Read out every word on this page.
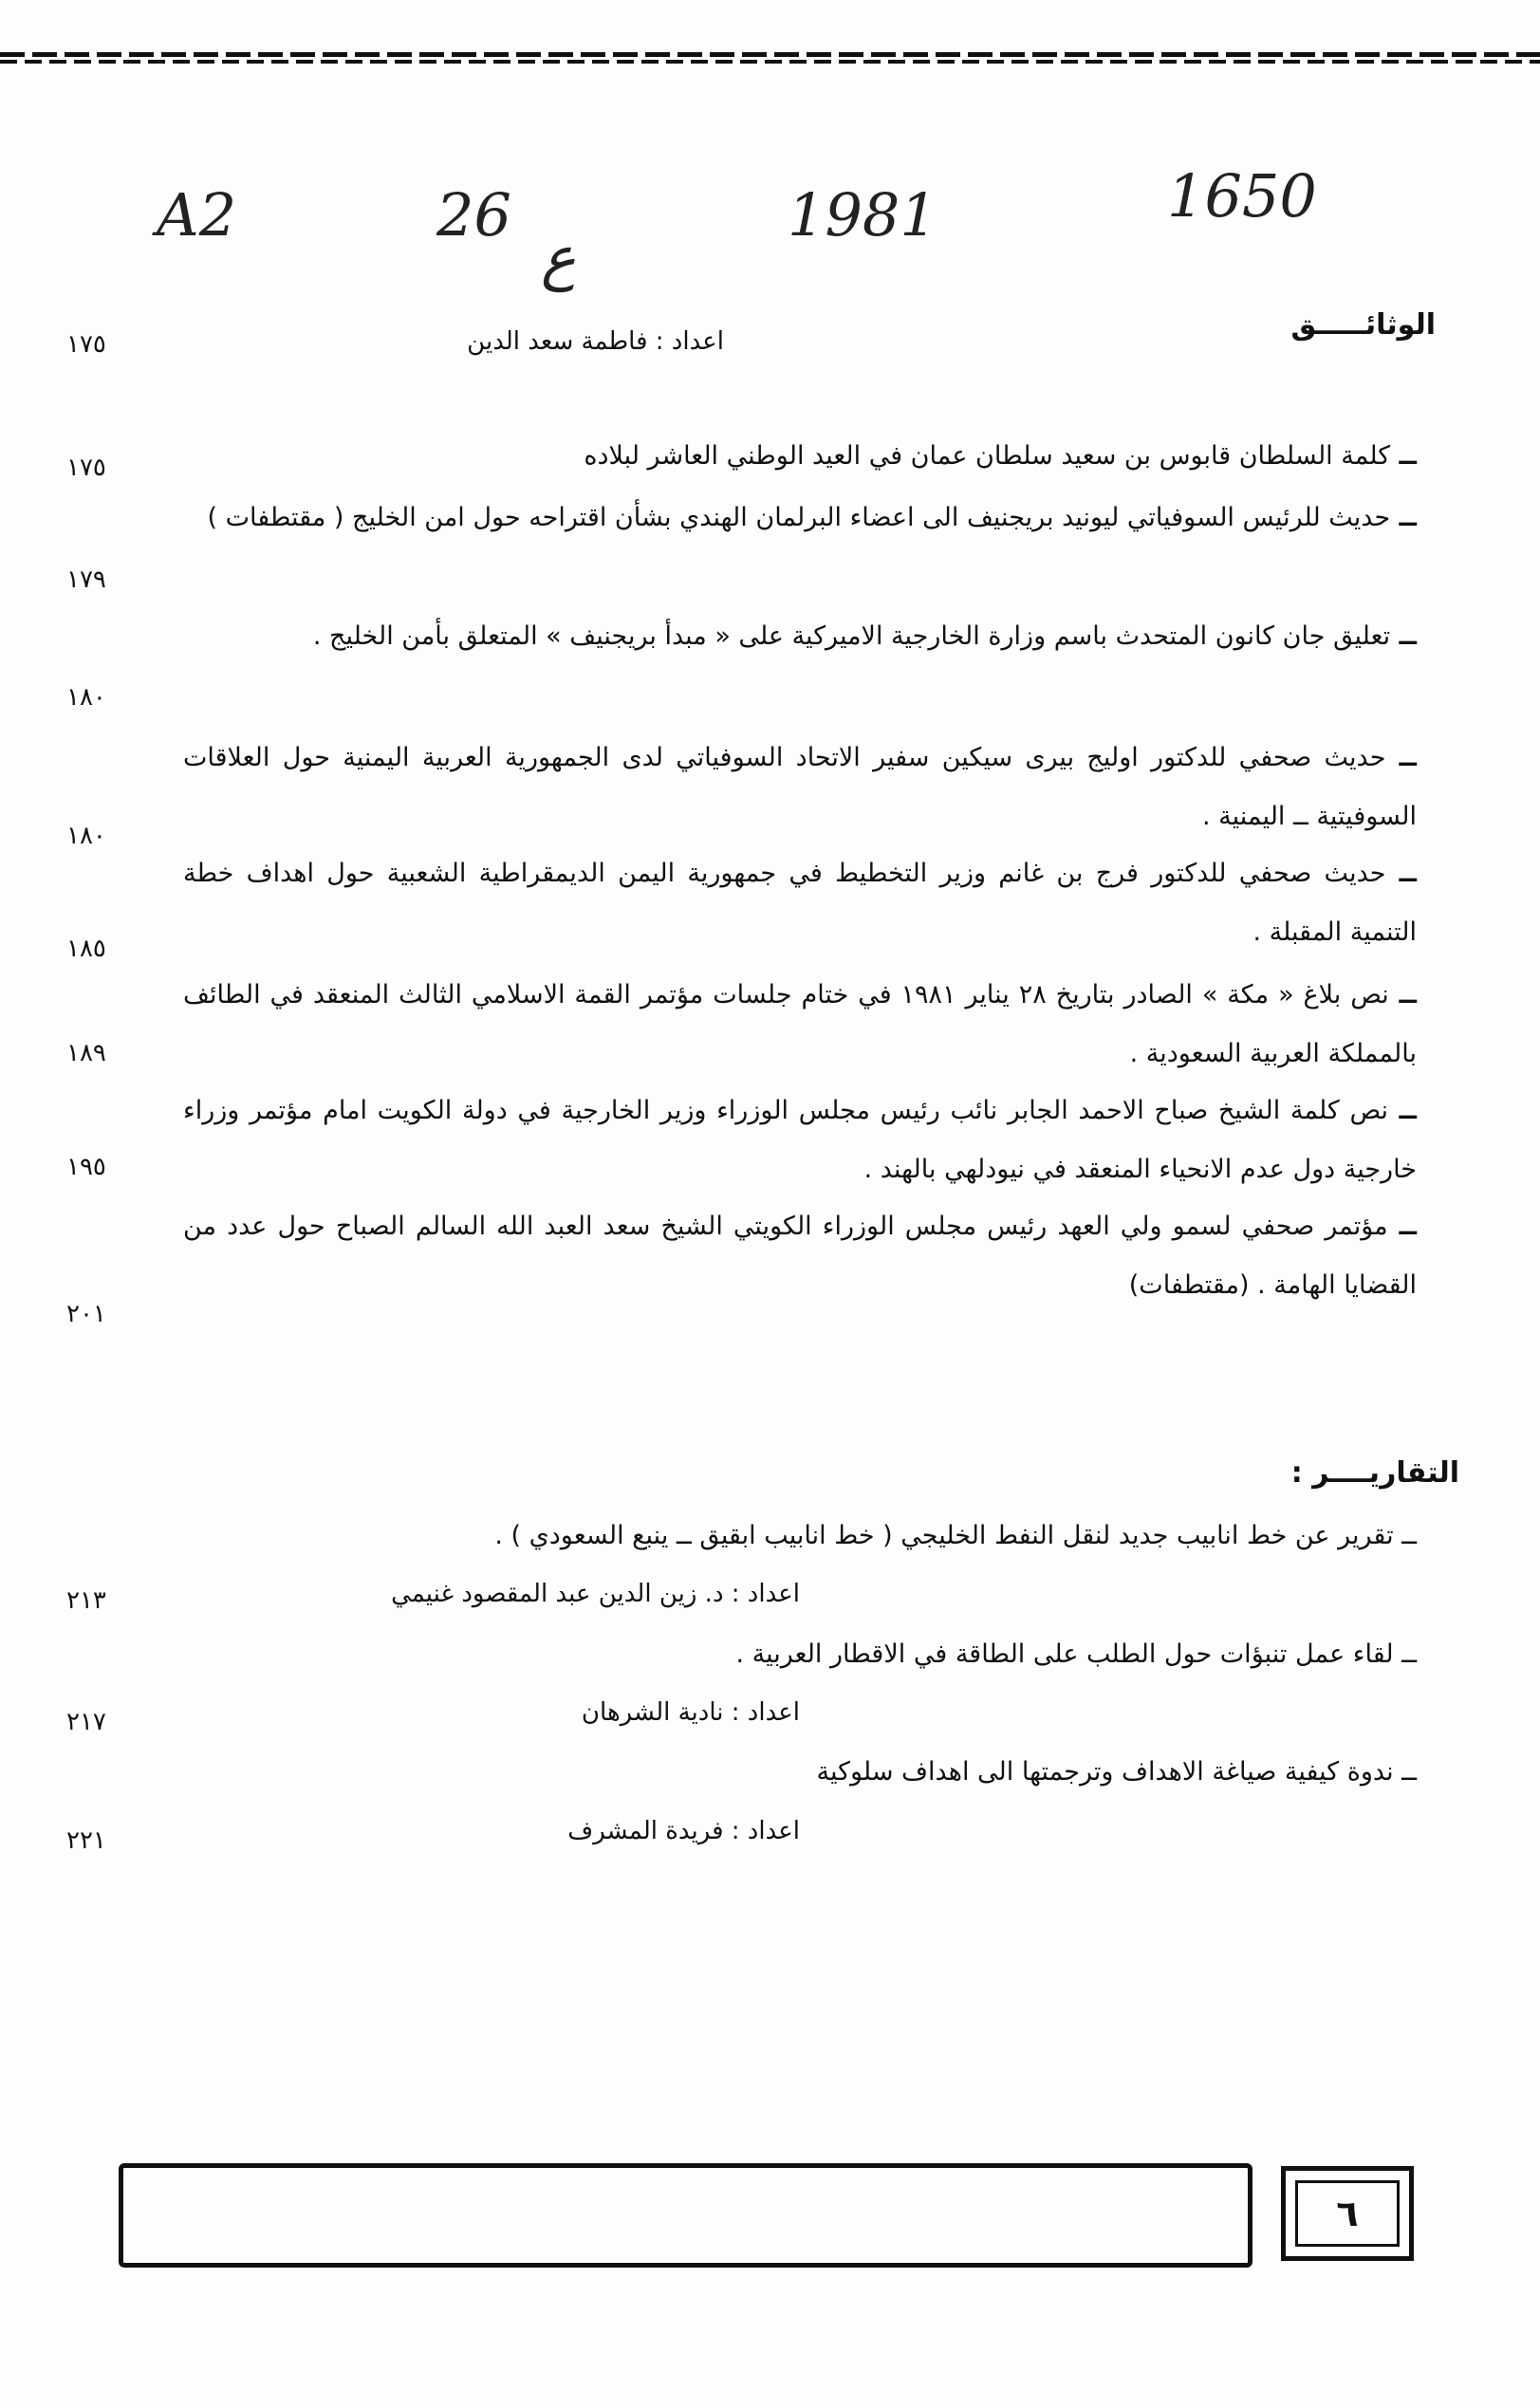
A2	26
ع
1981	1650
الوثائـــــق
اعداد : فاطمة سعد الدين
١٧٥
ــ كلمة السلطان قابوس بن سعيد سلطان عمان في العيد الوطني العاشر لبلاده
١٧٥
ــ حديث للرئيس السوفياتي ليونيد بريجنيف الى اعضاء البرلمان الهندي بشأن اقتراحه حول امن الخليج ( مقتطفات )
١٧٩
ــ تعليق جان كانون المتحدث باسم وزارة الخارجية الاميركية على « مبدأ بريجنيف » المتعلق بأمن الخليج .
١٨٠
ــ حديث صحفي للدكتور اوليج بيرى سيكين سفير الاتحاد السوفياتي لدى الجمهورية العربية اليمنية حول العلاقات السوفيتية ــ اليمنية .
١٨٠
ــ حديث صحفي للدكتور فرج بن غانم وزير التخطيط في جمهورية اليمن الديمقراطية الشعبية حول اهداف خطة التنمية المقبلة .
١٨٥
ــ نص بلاغ « مكة » الصادر بتاريخ ٢٨ يناير ١٩٨١ في ختام جلسات مؤتمر القمة الاسلامي الثالث المنعقد في الطائف بالمملكة العربية السعودية .
١٨٩
ــ نص كلمة الشيخ صباح الاحمد الجابر نائب رئيس مجلس الوزراء وزير الخارجية في دولة الكويت امام مؤتمر وزراء خارجية دول عدم الانحياء المنعقد في نيودلهي بالهند .
١٩٥
ــ مؤتمر صحفي لسمو ولي العهد رئيس مجلس الوزراء الكويتي الشيخ سعد العبد الله السالم الصباح حول عدد من القضايا الهامة . (مقتطفات)
٢٠١
التقاريــــر :
ــ تقرير عن خط انابيب جديد لنقل النفط الخليجي ( خط انابيب ابقيق ــ ينبع السعودي ) .
اعداد : د. زين الدين عبد المقصود غنيمي
٢١٣
ــ لقاء عمل تنبؤات حول الطلب على الطاقة في الاقطار العربية .
اعداد : نادية الشرهان
٢١٧
ــ ندوة كيفية صياغة الاهداف وترجمتها الى اهداف سلوكية
اعداد : فريدة المشرف
٢٢١
٦
